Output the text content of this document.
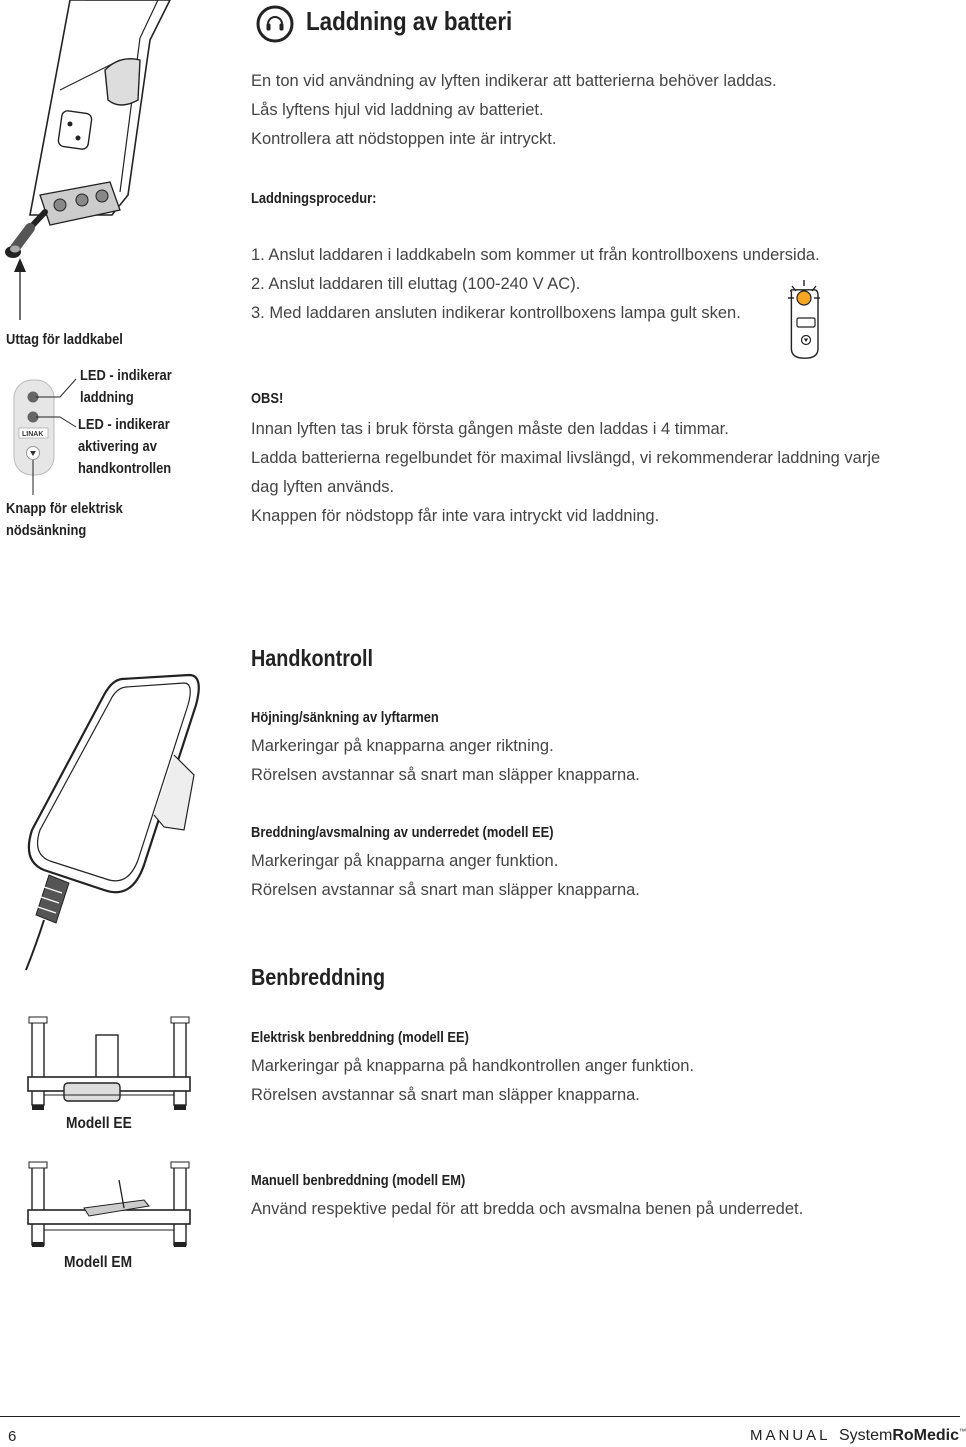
Laddning av batteri

En ton vid användning av lyften indikerar att batterierna behöver laddas.

Lås lyftens hjul vid laddning av batteriet.

Kontrollera att nödstoppen inte är intryckt.

Laddningsprocedur:

1. Anslut laddaren i laddkabeln som kommer ut från kontrollboxens undersida.

2. Anslut laddaren till eluttag (100-240 V AC).

3. Med laddaren ansluten indikerar kontrollboxens lampa gult sken.

OBS!

Innan lyften tas i bruk första gången måste den laddas i 4 timmar.

Ladda batterierna regelbundet för maximal livslängd, vi rekommenderar laddning varje

dag lyften används.

Knappen för nödstopp får inte vara intryckt vid laddning.

Uttag för laddkabel
LINAK

LED - indikerar

laddning

LED - indikerar

aktivering av

handkontrollen

Knapp för elektrisk

nödsänkning

Handkontroll
Höjning/sänkning av lyftarmen

Markeringar på knapparna anger riktning.

Rörelsen avstannar så snart man släpper knapparna.

Breddning/avsmalning av underredet (modell EE)

Markeringar på knapparna anger funktion.

Rörelsen avstannar så snart man släpper knapparna.

Benbreddning
Modell EE
Modell EM
Elektrisk benbreddning (modell EE)

Markeringar på knapparna på handkontrollen anger funktion.

Rörelsen avstannar så snart man släpper knapparna.

Manuell benbreddning (modell EM)

Använd respektive pedal för att bredda och avsmalna benen på underredet.

6	MANUAL SystemRoMedic™
